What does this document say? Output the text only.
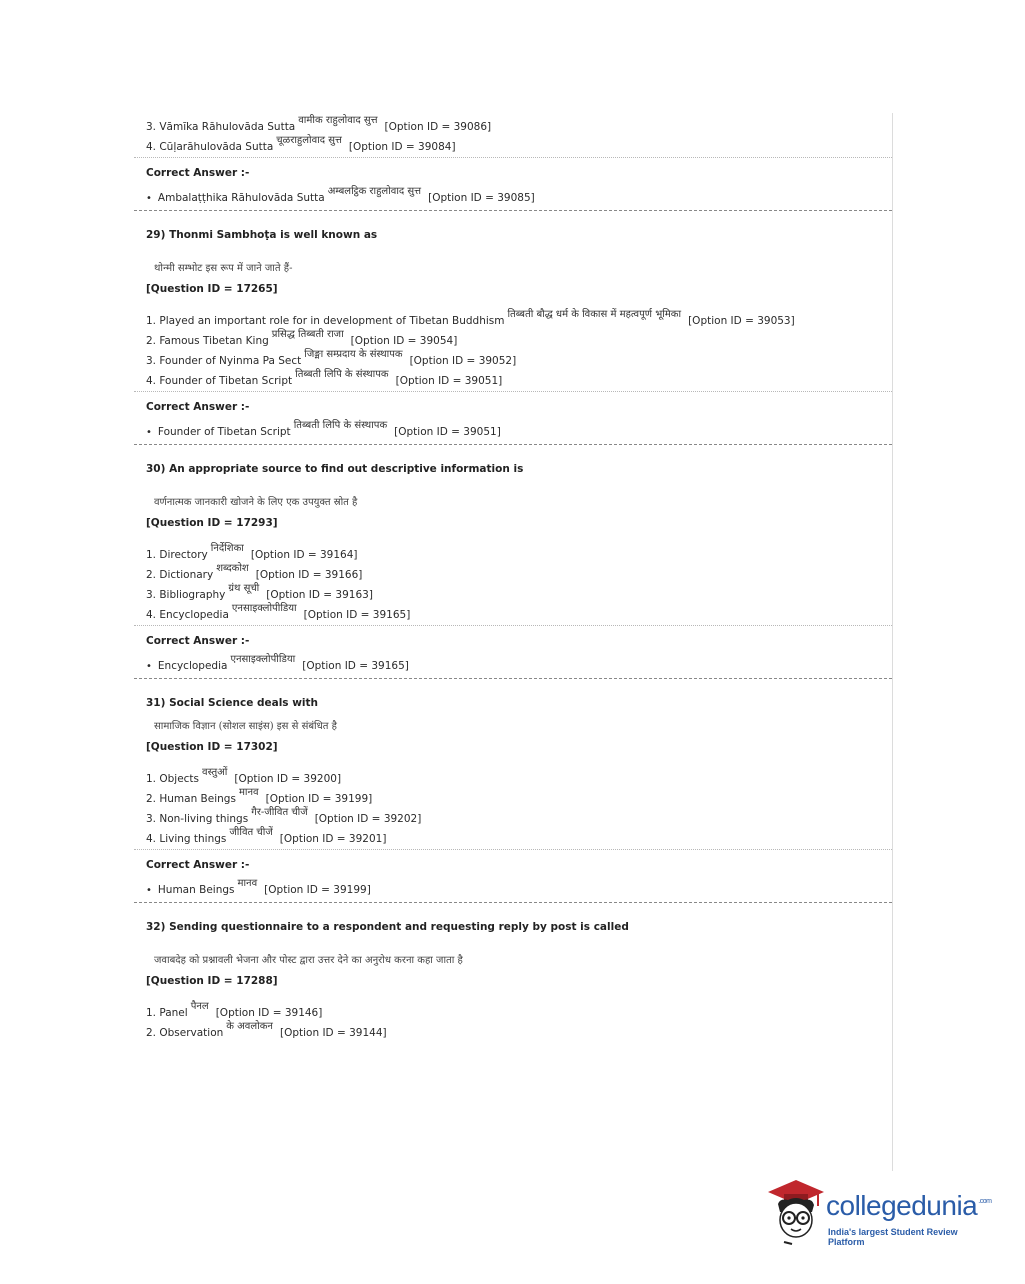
3. Vāmīka Rāhulovāda Sutta
वामीक राहुलोवाद सुत्त
[Option ID = 39086]
4. Cūḷarāhulovāda Sutta
चूळराहुलोवाद सुत्त
[Option ID = 39084]
Correct Answer :-
• Ambalaṭṭhika Rāhulovāda Sutta
अम्बलट्ठिक राहुलोवाद सुत्त
[Option ID = 39085]
29) Thonmi Sambhoṭa is well known as
थोन्मी सम्भोट इस रूप में जाने जाते हैं-
[Question ID = 17265]
1. Played an important role for in development of Tibetan Buddhism
तिब्बती बौद्ध धर्म के विकास में महत्वपूर्ण भूमिका
[Option ID = 39053]
2. Famous Tibetan King
प्रसिद्ध तिब्बती राजा
[Option ID = 39054]
3. Founder of Nyinma Pa Sect
जिङ्मा सम्प्रदाय के संस्थापक
[Option ID = 39052]
4. Founder of Tibetan Script
तिब्बती लिपि के संस्थापक
[Option ID = 39051]
Correct Answer :-
• Founder of Tibetan Script
तिब्बती लिपि के संस्थापक
[Option ID = 39051]
30) An appropriate source to find out descriptive information is
वर्णनात्मक जानकारी खोजने के लिए एक उपयुक्त स्रोत है
[Question ID = 17293]
1. Directory
निर्देशिका
[Option ID = 39164]
2. Dictionary
शब्दकोश
[Option ID = 39166]
3. Bibliography
ग्रंथ सूची
[Option ID = 39163]
4. Encyclopedia
एनसाइक्लोपीडिया
[Option ID = 39165]
Correct Answer :-
• Encyclopedia
एनसाइक्लोपीडिया
[Option ID = 39165]
31) Social Science deals with
सामाजिक विज्ञान (सोशल साइंस) इस से संबंधित है
[Question ID = 17302]
1. Objects
वस्तुओं
[Option ID = 39200]
2. Human Beings
मानव
[Option ID = 39199]
3. Non-living things
गैर-जीवित चीजें
[Option ID = 39202]
4. Living things
जीवित चीजें
[Option ID = 39201]
Correct Answer :-
• Human Beings
मानव
[Option ID = 39199]
32) Sending questionnaire to a respondent and requesting reply by post is called
जवाबदेह को प्रश्नावली भेजना और पोस्ट द्वारा उत्तर देने का अनुरोध करना कहा जाता है
[Question ID = 17288]
1. Panel
पैनल
[Option ID = 39146]
2. Observation
के अवलोकन
[Option ID = 39144]
collegedunia$^{.com}$
India's largest Student Review Platform
